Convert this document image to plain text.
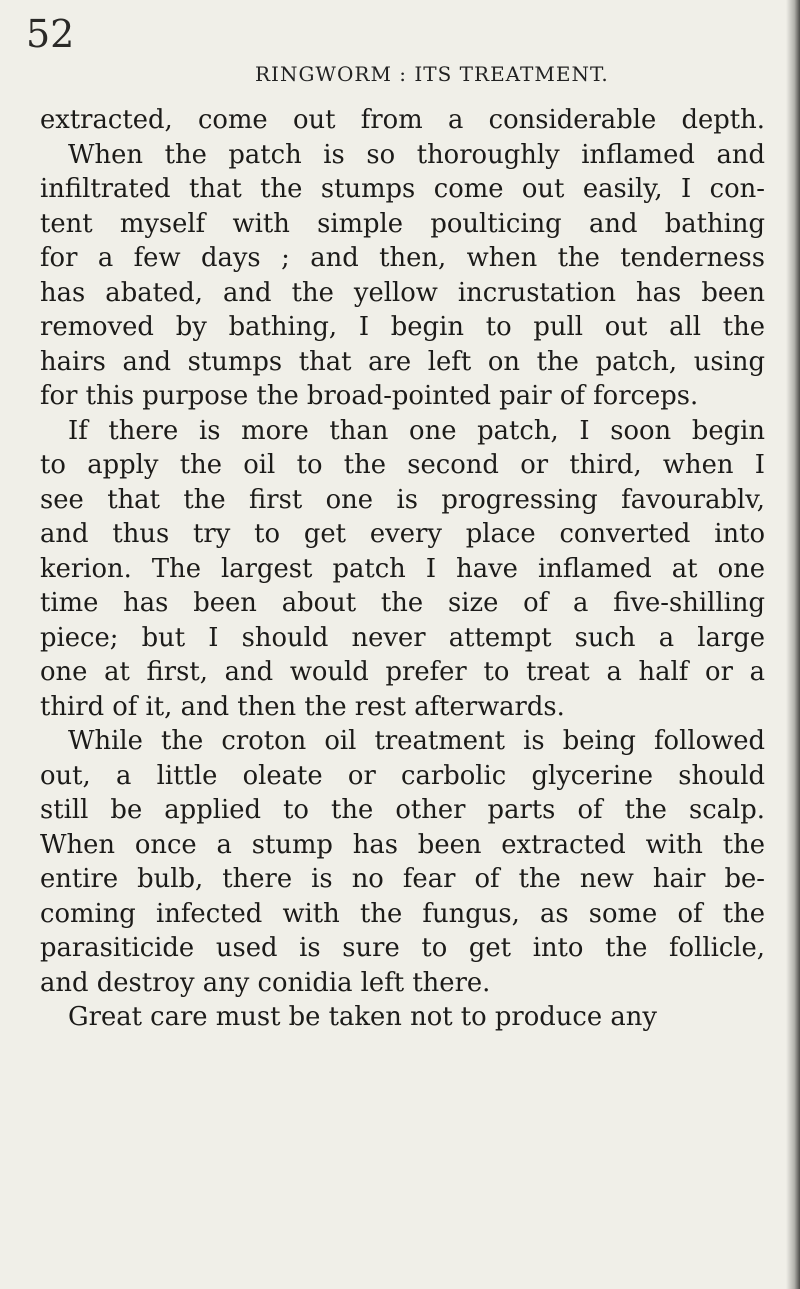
52
RINGWORM : ITS TREATMENT.
extracted, come out from a considerable depth.
When the patch is so thoroughly inflamed and
infiltrated that the stumps come out easily, I con-
tent myself with simple poulticing and bathing
for a few days ; and then, when the tenderness
has abated, and the yellow incrustation has been
removed by bathing, I begin to pull out all the
hairs and stumps that are left on the patch, using
for this purpose the broad-pointed pair of forceps.
If there is more than one patch, I soon begin
to apply the oil to the second or third, when I
see that the first one is progressing favourablv,
and thus try to get every place converted into
kerion. The largest patch I have inflamed at one
time has been about the size of a five-shilling
piece; but I should never attempt such a large
one at first, and would prefer to treat a half or a
third of it, and then the rest afterwards.
While the croton oil treatment is being followed
out, a little oleate or carbolic glycerine should
still be applied to the other parts of the scalp.
When once a stump has been extracted with the
entire bulb, there is no fear of the new hair be-
coming infected with the fungus, as some of the
parasiticide used is sure to get into the follicle,
and destroy any conidia left there.
Great care must be taken not to produce any
